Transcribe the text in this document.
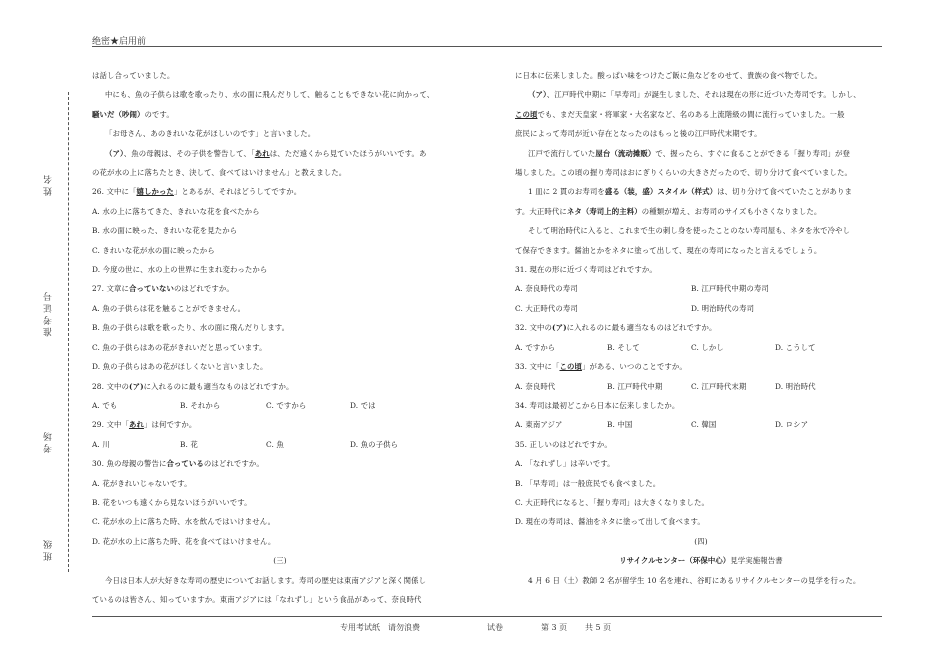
绝密★启用前
姓 名
准 考 证 号
考 场
班 级

は話し合っていました。

中にも、魚の子供らは歌を歌ったり、水の面に飛んだりして、触ることもできない花に向かって、

騒いだ（吵闹）のです。

「お母さん、あのきれいな花がほしいのです」と言いました。

（ア）、魚の母親は、その子供を警告して、「あれは、ただ遠くから見ていたほうがいいです。あ

の花が水の上に落ちたとき、決して、食べてはいけません」と教えました。

26. 文中に「嬉しかった」とあるが、それはどうしてですか。

A. 水の上に落ちてきた、きれいな花を食べたから

B. 水の面に映った、きれいな花を見たから

C. きれいな花が水の面に映ったから

D. 今度の世に、水の上の世界に生まれ変わったから

27. 文章に合っていないのはどれですか。

A. 魚の子供らは花を触ることができません。

B. 魚の子供らは歌を歌ったり、水の面に飛んだりします。

C. 魚の子供らはあの花がきれいだと思っています。

D. 魚の子供らはあの花がほしくないと言いました。

28. 文中の(ア)に入れるのに最も適当なものはどれですか。

A. でも	B. それから	C. ですから	D. では

29. 文中「あれ」は何ですか。

A. 川	B. 花	C. 魚	D. 魚の子供ら

30. 魚の母親の警告に合っているのはどれですか。

A. 花がきれいじゃないです。

B. 花をいつも遠くから見ないほうがいいです。

C. 花が水の上に落ちた時、水を飲んではいけません。

D. 花が水の上に落ちた時、花を食べてはいけません。

(三)

今日は日本人が大好きな寿司の歴史についてお話します。寿司の歴史は東南アジアと深く関係し

ているのは皆さん、知っていますか。東南アジアには「なれずし」という食品があって、奈良時代

に日本に伝来しました。酸っぱい味をつけたご飯に魚などをのせて、貴族の食べ物でした。

（ア）、江戸時代中期に「早寿司」が誕生しました、それは現在の形に近づいた寿司です。しかし、

この頃でも、まだ天皇家・将軍家・大名家など、名のある上流階級の間に流行っていました。一般

庶民によって寿司が近い存在となったのはもっと後の江戸時代末期です。

江戸で流行していた屋台（流动摊贩）で、握ったら、すぐに食ることができる「握り寿司」が登

場しました。この頃の握り寿司はおにぎりくらいの大きさだったので、切り分けて食べていました。

1 皿に 2 貫のお寿司を盛る（装，盛）スタイル（样式）は、切り分けて食べていたことがありま

す。大正時代にネタ（寿司上的主料）の種類が増え、お寿司のサイズも小さくなりました。

そして明治時代に入ると、これまで生の刺し身を使ったことのない寿司屋も、ネタを氷で冷やし

て保存できます。醤油とかをネタに塗って出して、現在の寿司になったと言えるでしょう。

31. 現在の形に近づく寿司はどれですか。

A. 奈良時代の寿司	B. 江戸時代中期の寿司

C. 大正時代の寿司	D. 明治時代の寿司

32. 文中の(ア)に入れるのに最も適当なものはどれですか。

A. ですから	B. そして	C. しかし	D. こうして

33. 文中に「この頃」がある、いつのことですか。

A. 奈良時代	B. 江戸時代中期	C. 江戸時代末期	D. 明治時代

34. 寿司は最初どこから日本に伝来しましたか。

A. 東南アジア	B. 中国	C. 韓国	D. ロシア

35. 正しいのはどれですか。

A. 「なれずし」は辛いです。

B. 「早寿司」は一般庶民でも食べました。

C. 大正時代になると、「握り寿司」は大きくなりました。

D. 現在の寿司は、醤油をネタに塗って出して食べます。

(四)

リサイクルセンター（环保中心）見学実施報告書

4 月 6 日（土）教師 2 名が留学生 10 名を連れ、谷町にあるリサイクルセンターの見学を行った。

专用考试纸　请勿浪费	试卷	第 3 页 共 5 页
